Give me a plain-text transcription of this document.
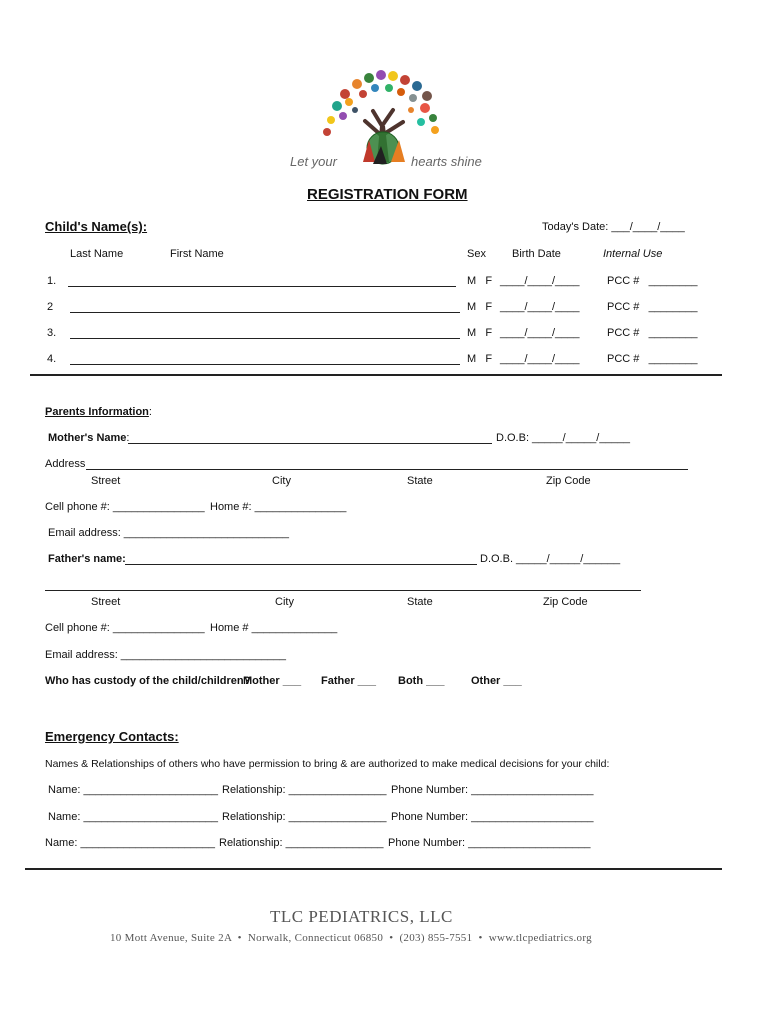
Let your	hearts shine
REGISTRATION FORM
Child's Name(s):	Today's Date: ___/____/____
Last Name	First Name	Sex Birth Date	Internal Use
1.	M   F ____/____/____ PCC #   ________
2	M   F ____/____/____ PCC #   ________
3.	M   F ____/____/____ PCC #   ________
4.	M   F ____/____/____ PCC #   ________
Parents Information:
Mother's Name:	D.O.B: _____/_____/_____
Address
Street	City	State	Zip Code
Cell phone #: _______________ Home #: _______________
Email address: ___________________________
Father's name:	D.O.B. _____/_____/______
Street	City	State	Zip Code
Cell phone #: _______________ Home # ______________
Email address: ___________________________
Who has custody of the child/children?
Mother ___ Father ___ Both ___ Other ___
Emergency Contacts:
Names & Relationships of others who have permission to bring & are authorized to make medical decisions for your child:
Name: ______________________ Relationship: ________________ Phone Number: ____________________
Name: ______________________ Relationship: ________________ Phone Number: ____________________
Name: ______________________ Relationship: ________________ Phone Number: ____________________
TLC PEDIATRICS, LLC
10 Mott Avenue, Suite 2A  •  Norwalk, Connecticut 06850  •  (203) 855-7551  •  www.tlcpediatrics.org
